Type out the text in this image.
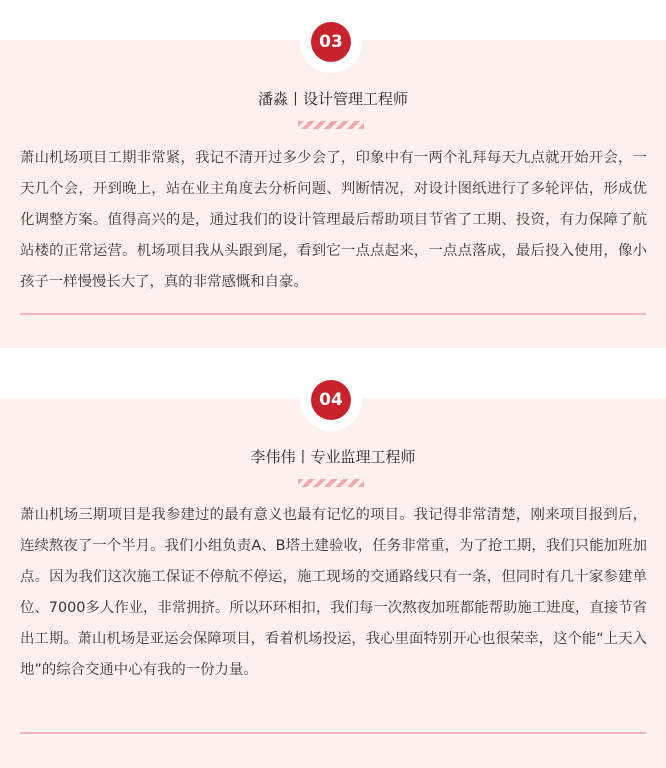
03
潘淼丨设计管理工程师

萧山机场项目工期非常紧，我记不清开过多少会了，印象中有一两个礼拜每天九点就开始开会，一天几个会，开到晚上，站在业主角度去分析问题、判断情况，对设计图纸进行了多轮评估，形成优化调整方案。值得高兴的是，通过我们的设计管理最后帮助项目节省了工期、投资，有力保障了航站楼的正常运营。机场项目我从头跟到尾，看到它一点点起来，一点点落成，最后投入使用，像小孩子一样慢慢长大了，真的非常感慨和自豪。

04
李伟伟丨专业监理工程师

萧山机场三期项目是我参建过的最有意义也最有记忆的项目。我记得非常清楚，刚来项目报到后，连续熬夜了一个半月。我们小组负责A、B塔土建验收，任务非常重，为了抢工期，我们只能加班加点。因为我们这次施工保证不停航不停运，施工现场的交通路线只有一条，但同时有几十家参建单位、7000多人作业，非常拥挤。所以环环相扣，我们每一次熬夜加班都能帮助施工进度，直接节省出工期。萧山机场是亚运会保障项目，看着机场投运，我心里面特别开心也很荣幸，这个能“上天入地”的综合交通中心有我的一份力量。
